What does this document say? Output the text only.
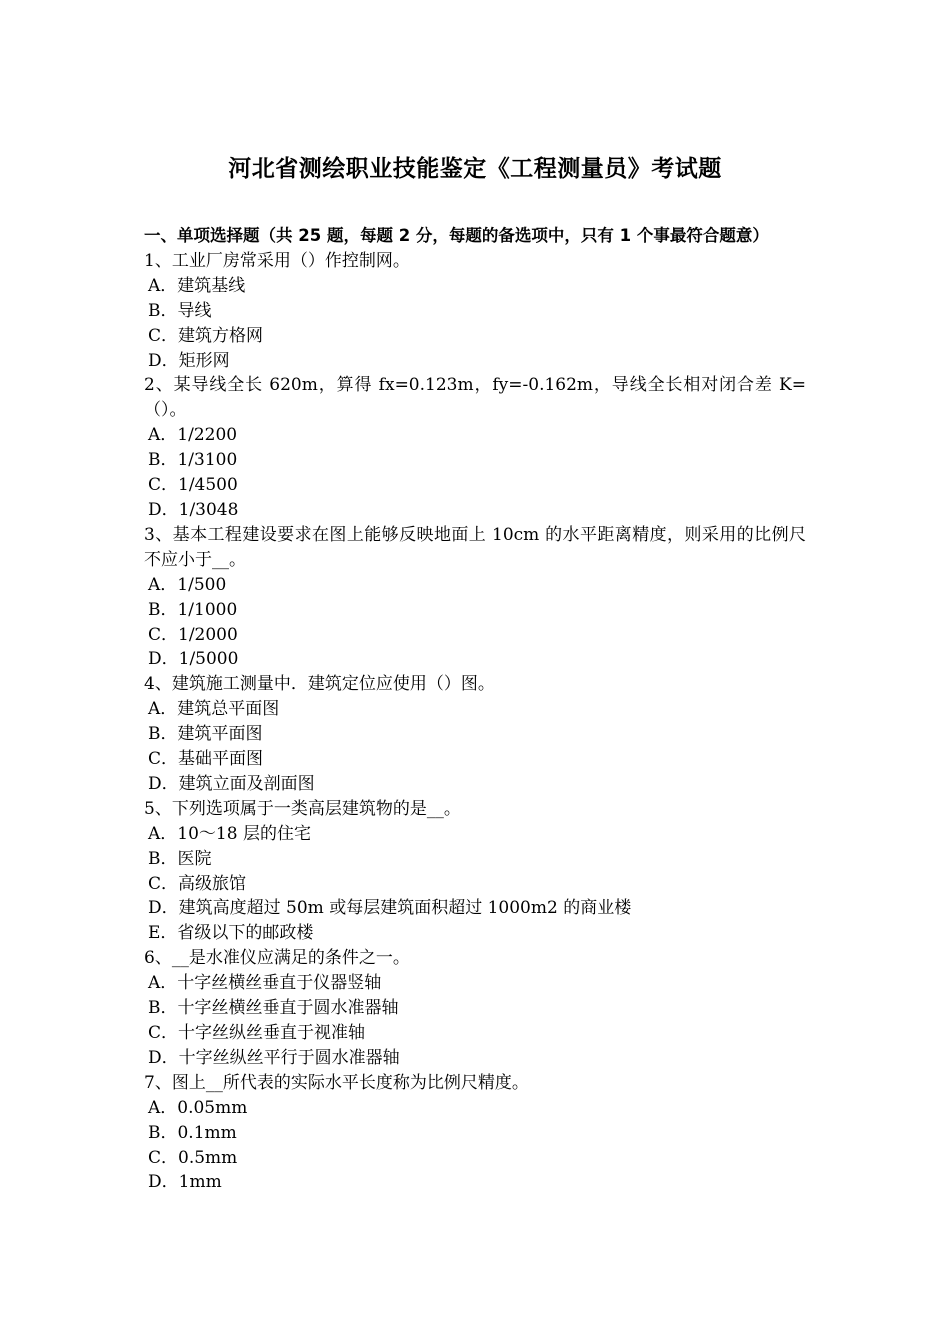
河北省测绘职业技能鉴定《工程测量员》考试题
一、单项选择题（共 25 题，每题 2 分，每题的备选项中，只有 1 个事最符合题意）
1、工业厂房常采用（）作控制网。
A．建筑基线
B．导线
C．建筑方格网
D．矩形网
2、某导线全长 620m，算得 fx=0.123m，fy=-0.162m，导线全长相对闭合差 K=（）。
A．1/2200
B．1/3100
C．1/4500
D．1/3048
3、基本工程建设要求在图上能够反映地面上 10cm 的水平距离精度，则采用的比例尺不应小于__。
A．1/500
B．1/1000
C．1/2000
D．1/5000
4、建筑施工测量中．建筑定位应使用（）图。
A．建筑总平面图
B．建筑平面图
C．基础平面图
D．建筑立面及剖面图
5、下列选项属于一类高层建筑物的是__。
A．10～18 层的住宅
B．医院
C．高级旅馆
D．建筑高度超过 50m 或每层建筑面积超过 1000m2 的商业楼
E．省级以下的邮政楼
6、__是水准仪应满足的条件之一。
A．十字丝横丝垂直于仪器竖轴
B．十字丝横丝垂直于圆水准器轴
C．十字丝纵丝垂直于视准轴
D．十字丝纵丝平行于圆水准器轴
7、图上__所代表的实际水平长度称为比例尺精度。
A．0.05mm
B．0.1mm
C．0.5mm
D．1mm
